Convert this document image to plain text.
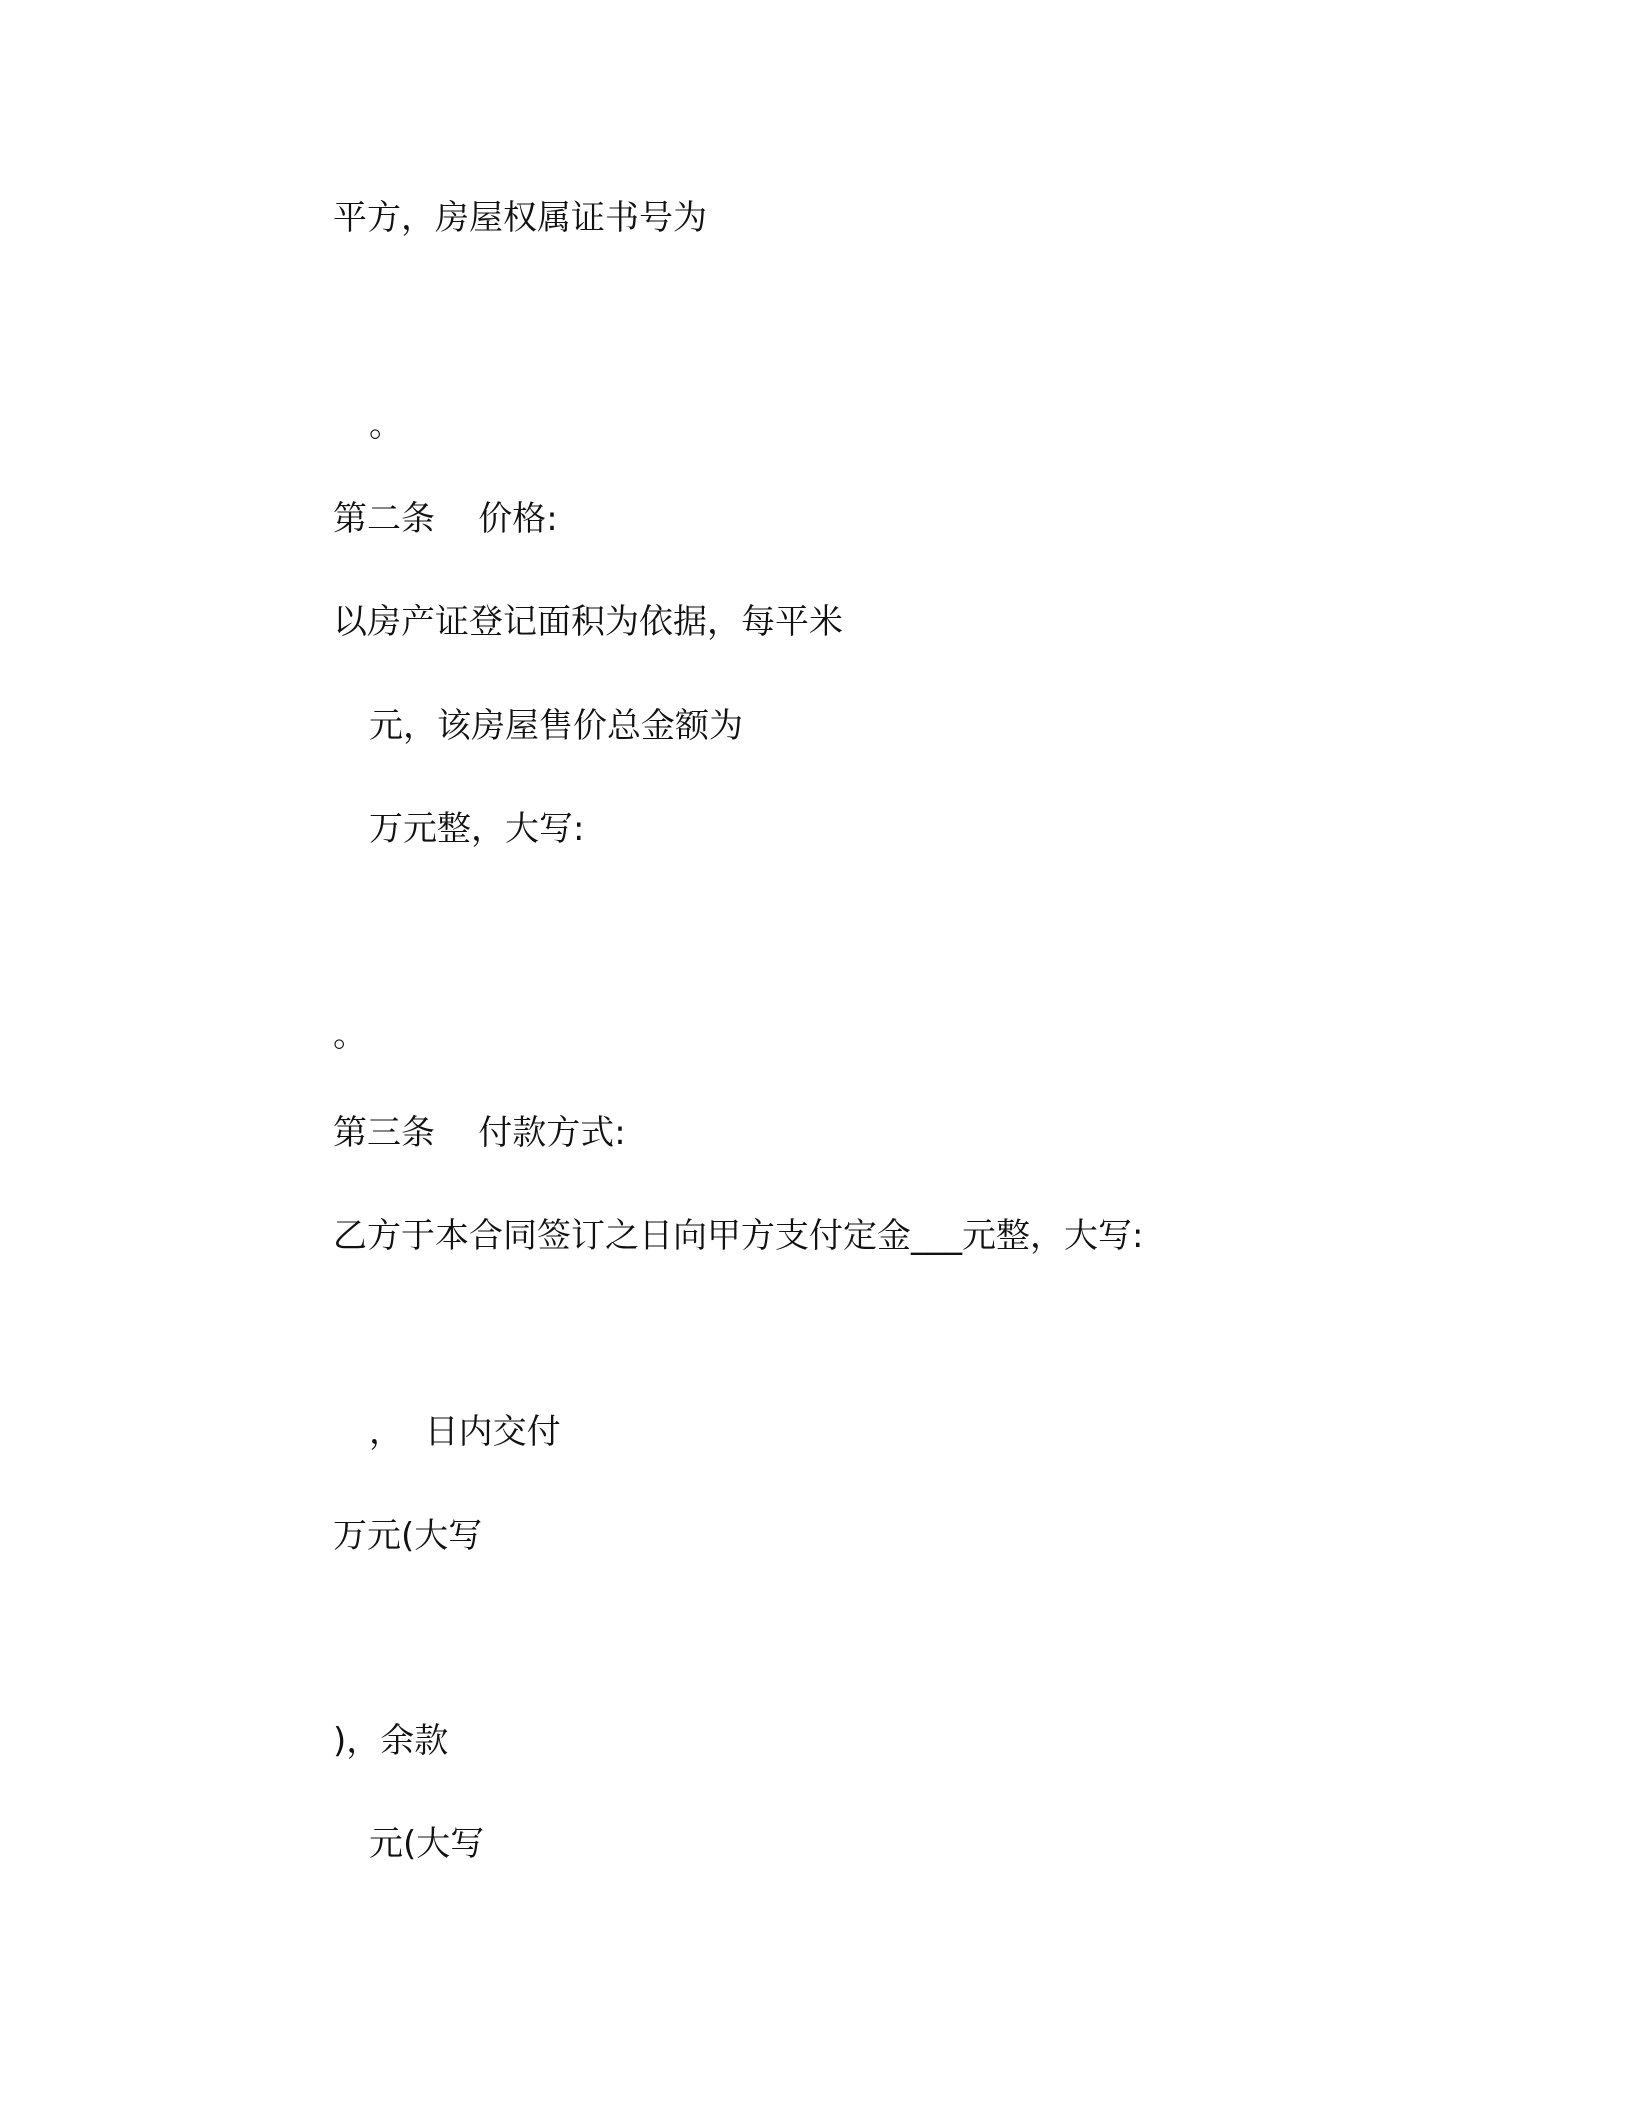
平方，房屋权属证书号为
。
第二条    价格:
以房产证登记面积为依据，每平米
元，该房屋售价总金额为
万元整，大写:
。
第三条    付款方式:
乙方于本合同签订之日向甲方支付定金___元整，大写:
，  日内交付
万元(大写
)，余款
元(大写
